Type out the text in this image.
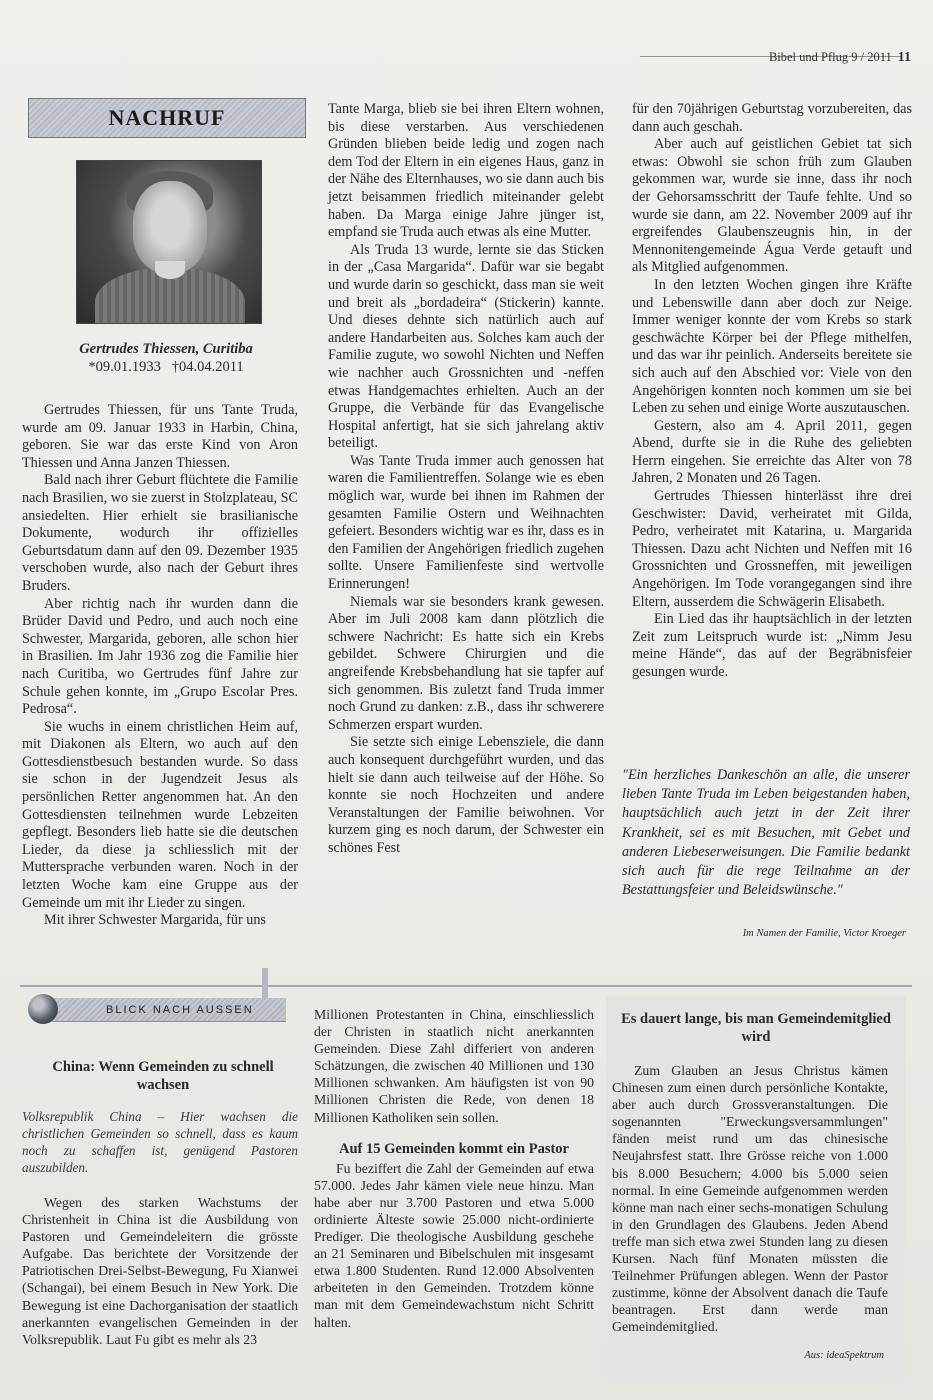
Bibel und Pflug 9 / 2011 11
NACHRUF
Gertrudes Thiessen, Curitiba
*09.01.1933   †04.04.2011

Gertrudes Thiessen, für uns Tante Truda, wurde am 09. Januar 1933 in Harbin, China, geboren. Sie war das erste Kind von Aron Thiessen und Anna Janzen Thiessen.

Bald nach ihrer Geburt flüchtete die Familie nach Brasilien, wo sie zuerst in Stolzplateau, SC ansiedelten. Hier erhielt sie brasilianische Dokumente, wodurch ihr offizielles Geburtsdatum dann auf den 09. Dezember 1935 verschoben wurde, also nach der Geburt ihres Bruders.

Aber richtig nach ihr wurden dann die Brüder David und Pedro, und auch noch eine Schwester, Margarida, geboren, alle schon hier in Brasilien. Im Jahr 1936 zog die Familie hier nach Curitiba, wo Gertrudes fünf Jahre zur Schule gehen konnte, im „Grupo Escolar Pres. Pedrosa“.

Sie wuchs in einem christlichen Heim auf, mit Diakonen als Eltern, wo auch auf den Gottesdienstbesuch bestanden wurde. So dass sie schon in der Jugendzeit Jesus als persönlichen Retter angenommen hat. An den Gottesdiensten teilnehmen wurde Lebzeiten gepflegt. Besonders lieb hatte sie die deutschen Lieder, da diese ja schliesslich mit der Muttersprache verbunden waren. Noch in der letzten Woche kam eine Gruppe aus der Gemeinde um mit ihr Lieder zu singen.

Mit ihrer Schwester Margarida, für uns

Tante Marga, blieb sie bei ihren Eltern wohnen, bis diese verstarben. Aus verschiedenen Gründen blieben beide ledig und zogen nach dem Tod der Eltern in ein eigenes Haus, ganz in der Nähe des Elternhauses, wo sie dann auch bis jetzt beisammen friedlich miteinander gelebt haben. Da Marga einige Jahre jünger ist, empfand sie Truda auch etwas als eine Mutter.

Als Truda 13 wurde, lernte sie das Sticken in der „Casa Margarida“. Dafür war sie begabt und wurde darin so geschickt, dass man sie weit und breit als „bordadeira“ (Stickerin) kannte. Und dieses dehnte sich natürlich auch auf andere Handarbeiten aus. Solches kam auch der Familie zugute, wo sowohl Nichten und Neffen wie nachher auch Grossnichten und -neffen etwas Handgemachtes erhielten. Auch an der Gruppe, die Verbände für das Evangelische Hospital anfertigt, hat sie sich jahrelang aktiv beteiligt.

Was Tante Truda immer auch genossen hat waren die Familientreffen. Solange wie es eben möglich war, wurde bei ihnen im Rahmen der gesamten Familie Ostern und Weihnachten gefeiert. Besonders wichtig war es ihr, dass es in den Familien der Angehörigen friedlich zugehen sollte. Unsere Familienfeste sind wertvolle Erinnerungen!

Niemals war sie besonders krank gewesen. Aber im Juli 2008 kam dann plötzlich die schwere Nachricht: Es hatte sich ein Krebs gebildet. Schwere Chirurgien und die angreifende Krebsbehandlung hat sie tapfer auf sich genommen. Bis zuletzt fand Truda immer noch Grund zu danken: z.B., dass ihr schwerere Schmerzen erspart wurden.

Sie setzte sich einige Lebensziele, die dann auch konsequent durchgeführt wurden, und das hielt sie dann auch teilweise auf der Höhe. So konnte sie noch Hochzeiten und andere Veranstaltungen der Familie beiwohnen. Vor kurzem ging es noch darum, der Schwester ein schönes Fest

für den 70jährigen Geburtstag vorzubereiten, das dann auch geschah.

Aber auch auf geistlichen Gebiet tat sich etwas: Obwohl sie schon früh zum Glauben gekommen war, wurde sie inne, dass ihr noch der Gehorsamsschritt der Taufe fehlte. Und so wurde sie dann, am 22. November 2009 auf ihr ergreifendes Glaubenszeugnis hin, in der Mennonitengemeinde Água Verde getauft und als Mitglied aufgenommen.

In den letzten Wochen gingen ihre Kräfte und Lebenswille dann aber doch zur Neige. Immer weniger konnte der vom Krebs so stark geschwächte Körper bei der Pflege mithelfen, und das war ihr peinlich. Anderseits bereitete sie sich auch auf den Abschied vor: Viele von den Angehörigen konnten noch kommen um sie bei Leben zu sehen und einige Worte auszutauschen.

Gestern, also am 4. April 2011, gegen Abend, durfte sie in die Ruhe des geliebten Herrn eingehen. Sie erreichte das Alter von 78 Jahren, 2 Monaten und 26 Tagen.

Gertrudes Thiessen hinterlässt ihre drei Geschwister: David, verheiratet mit Gilda, Pedro, verheiratet mit Katarina, u. Margarida Thiessen. Dazu acht Nichten und Neffen mit 16 Grossnichten und Grossneffen, mit jeweiligen Angehörigen. Im Tode vorangegangen sind ihre Eltern, ausserdem die Schwägerin Elisabeth.

Ein Lied das ihr hauptsächlich in der letzten Zeit zum Leitspruch wurde ist: „Nimm Jesu meine Hände“, das auf der Begräbnisfeier gesungen wurde.

"Ein herzliches Dankeschön an alle, die unserer lieben Tante Truda im Leben beigestanden haben, hauptsächlich auch jetzt in der Zeit ihrer Krankheit, sei es mit Besuchen, mit Gebet und anderen Liebeserweisungen. Die Familie bedankt sich auch für die rege Teilnahme an der Bestattungsfeier und Beleidswünsche."
Im Namen der Familie, Victor Kroeger
BLICK NACH AUSSEN
China: Wenn Gemeinden zu schnell wachsen
Volksrepublik China – Hier wachsen die christlichen Gemeinden so schnell, dass es kaum noch zu schaffen ist, genügend Pastoren auszubilden.

Wegen des starken Wachstums der Christenheit in China ist die Ausbildung von Pastoren und Gemeindeleitern die grösste Aufgabe. Das berichtete der Vorsitzende der Patriotischen Drei-Selbst-Bewegung, Fu Xianwei (Schangai), bei einem Besuch in New York. Die Bewegung ist eine Dachorganisation der staatlich anerkannten evangelischen Gemeinden in der Volksrepublik. Laut Fu gibt es mehr als 23

Millionen Protestanten in China, einschliesslich der Christen in staatlich nicht anerkannten Gemeinden. Diese Zahl differiert von anderen Schätzungen, die zwischen 40 Millionen und 130 Millionen schwanken. Am häufigsten ist von 90 Millionen Christen die Rede, von denen 18 Millionen Katholiken sein sollen.

Auf 15 Gemeinden kommt ein Pastor

Fu beziffert die Zahl der Gemeinden auf etwa 57.000. Jedes Jahr kämen viele neue hinzu. Man habe aber nur 3.700 Pastoren und etwa 5.000 ordinierte Älteste sowie 25.000 nicht-ordinierte Prediger. Die theologische Ausbildung geschehe an 21 Seminaren und Bibelschulen mit insgesamt etwa 1.800 Studenten. Rund 12.000 Absolventen arbeiteten in den Gemeinden. Trotzdem könne man mit dem Gemeindewachstum nicht Schritt halten.

Es dauert lange, bis man Gemeindemitglied wird

Zum Glauben an Jesus Christus kämen Chinesen zum einen durch persönliche Kontakte, aber auch durch Grossveranstaltungen. Die sogenannten "Erweckungsversammlungen" fänden meist rund um das chinesische Neujahrsfest statt. Ihre Grösse reiche von 1.000 bis 8.000 Besuchern; 4.000 bis 5.000 seien normal. In eine Gemeinde aufgenommen werden könne man nach einer sechs-monatigen Schulung in den Grundlagen des Glaubens. Jeden Abend treffe man sich etwa zwei Stunden lang zu diesen Kursen. Nach fünf Monaten müssten die Teilnehmer Prüfungen ablegen. Wenn der Pastor zustimme, könne der Absolvent danach die Taufe beantragen. Erst dann werde man Gemeindemitglied.

Aus: ideaSpektrum
